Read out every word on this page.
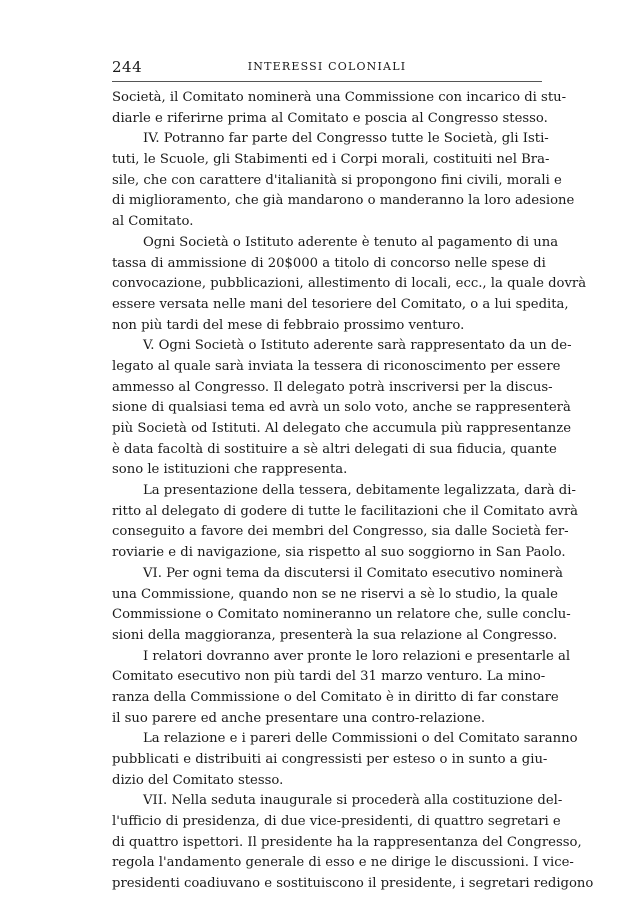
244	INTERESSI COLONIALI
Società, il Comitato nominerà una Commissione con incarico di stu-
diarle e riferirne prima al Comitato e poscia al Congresso stesso.
IV. Potranno far parte del Congresso tutte le Società, gli Isti-
tuti, le Scuole, gli Stabimenti ed i Corpi morali, costituiti nel Bra-
sile, che con carattere d'italianità si propongono fini civili, morali e
di miglioramento, che già mandarono o manderanno la loro adesione
al Comitato.
Ogni Società o Istituto aderente è tenuto al pagamento di una
tassa di ammissione di 20$000 a titolo di concorso nelle spese di
convocazione, pubblicazioni, allestimento di locali, ecc., la quale dovrà
essere versata nelle mani del tesoriere del Comitato, o a lui spedita,
non più tardi del mese di febbraio prossimo venturo.
V. Ogni Società o Istituto aderente sarà rappresentato da un de-
legato al quale sarà inviata la tessera di riconoscimento per essere
ammesso al Congresso. Il delegato potrà inscriversi per la discus-
sione di qualsiasi tema ed avrà un solo voto, anche se rappresenterà
più Società od Istituti. Al delegato che accumula più rappresentanze
è data facoltà di sostituire a sè altri delegati di sua fiducia, quante
sono le istituzioni che rappresenta.
La presentazione della tessera, debitamente legalizzata, darà di-
ritto al delegato di godere di tutte le facilitazioni che il Comitato avrà
conseguito a favore dei membri del Congresso, sia dalle Società fer-
roviarie e di navigazione, sia rispetto al suo soggiorno in San Paolo.
VI. Per ogni tema da discutersi il Comitato esecutivo nominerà
una Commissione, quando non se ne riservi a sè lo studio, la quale
Commissione o Comitato nomineranno un relatore che, sulle conclu-
sioni della maggioranza, presenterà la sua relazione al Congresso.
I relatori dovranno aver pronte le loro relazioni e presentarle al
Comitato esecutivo non più tardi del 31 marzo venturo. La mino-
ranza della Commissione o del Comitato è in diritto di far constare
il suo parere ed anche presentare una contro-relazione.
La relazione e i pareri delle Commissioni o del Comitato saranno
pubblicati e distribuiti ai congressisti per esteso o in sunto a giu-
dizio del Comitato stesso.
VII. Nella seduta inaugurale si procederà alla costituzione del-
l'ufficio di presidenza, di due vice-presidenti, di quattro segretari e
di quattro ispettori. Il presidente ha la rappresentanza del Congresso,
regola l'andamento generale di esso e ne dirige le discussioni. I vice-
presidenti coadiuvano e sostituiscono il presidente, i segretari redigono
